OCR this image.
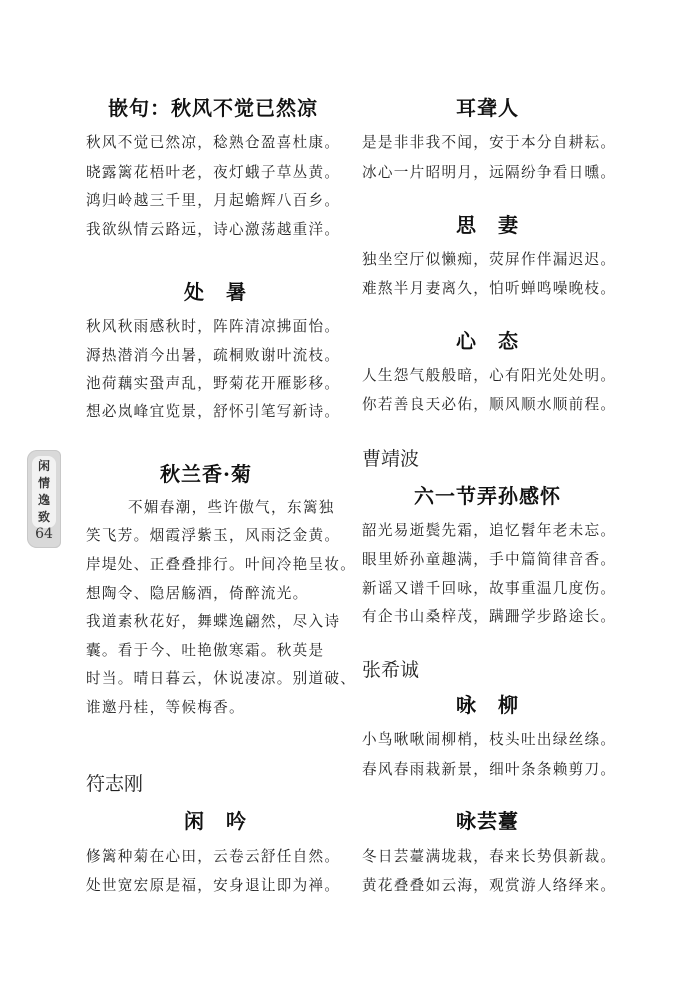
闲
情
逸
致
64
嵌句：秋风不觉已然凉
秋风不觉已然凉，稔熟仓盈喜杜康。
晓露篱花梧叶老，夜灯蛾子草丛黄。
鸿归岭越三千里，月起蟾辉八百乡。
我欲纵情云路远，诗心激荡越重洋。
处　暑
秋风秋雨感秋时，阵阵清凉拂面怡。
溽热潜消今出暑，疏桐败谢叶流枝。
池荷藕实蛩声乱，野菊花开雁影移。
想必岚峰宜览景，舒怀引笔写新诗。
秋兰香·菊
不媚春潮，些许傲气，东篱独
笑飞芳。烟霞浮紫玉，风雨泛金黄。
岸堤处、正叠叠排行。叶间冷艳呈妆。
想陶令、隐居觞酒，倚醉流光。
我道素秋花好，舞蝶逸翩然，尽入诗
囊。看于今、吐艳傲寒霜。秋英是
时当。晴日暮云，休说凄凉。别道破、
谁邀丹桂，等候梅香。
符志刚
闲　吟
修篱种菊在心田，云卷云舒任自然。
处世宽宏原是福，安身退让即为禅。
耳聋人
是是非非我不闻，安于本分自耕耘。
冰心一片昭明月，远隔纷争看日曛。
思　妻
独坐空厅似懒痴，荧屏作伴漏迟迟。
难熬半月妻离久，怕听蝉鸣噪晚枝。
心　态
人生怨气般般暗，心有阳光处处明。
你若善良天必佑，顺风顺水顺前程。
曹靖波
六一节弄孙感怀
韶光易逝鬓先霜，追忆髫年老未忘。
眼里娇孙童趣满，手中篇简律音香。
新谣又谱千回咏，故事重温几度伤。
有企书山桑梓茂，蹒跚学步路途长。
张希诚
咏　柳
小鸟啾啾闹柳梢，枝头吐出绿丝绦。
春风春雨栽新景，细叶条条赖剪刀。
咏芸薹
冬日芸薹满垅栽，春来长势俱新裁。
黄花叠叠如云海，观赏游人络绎来。
